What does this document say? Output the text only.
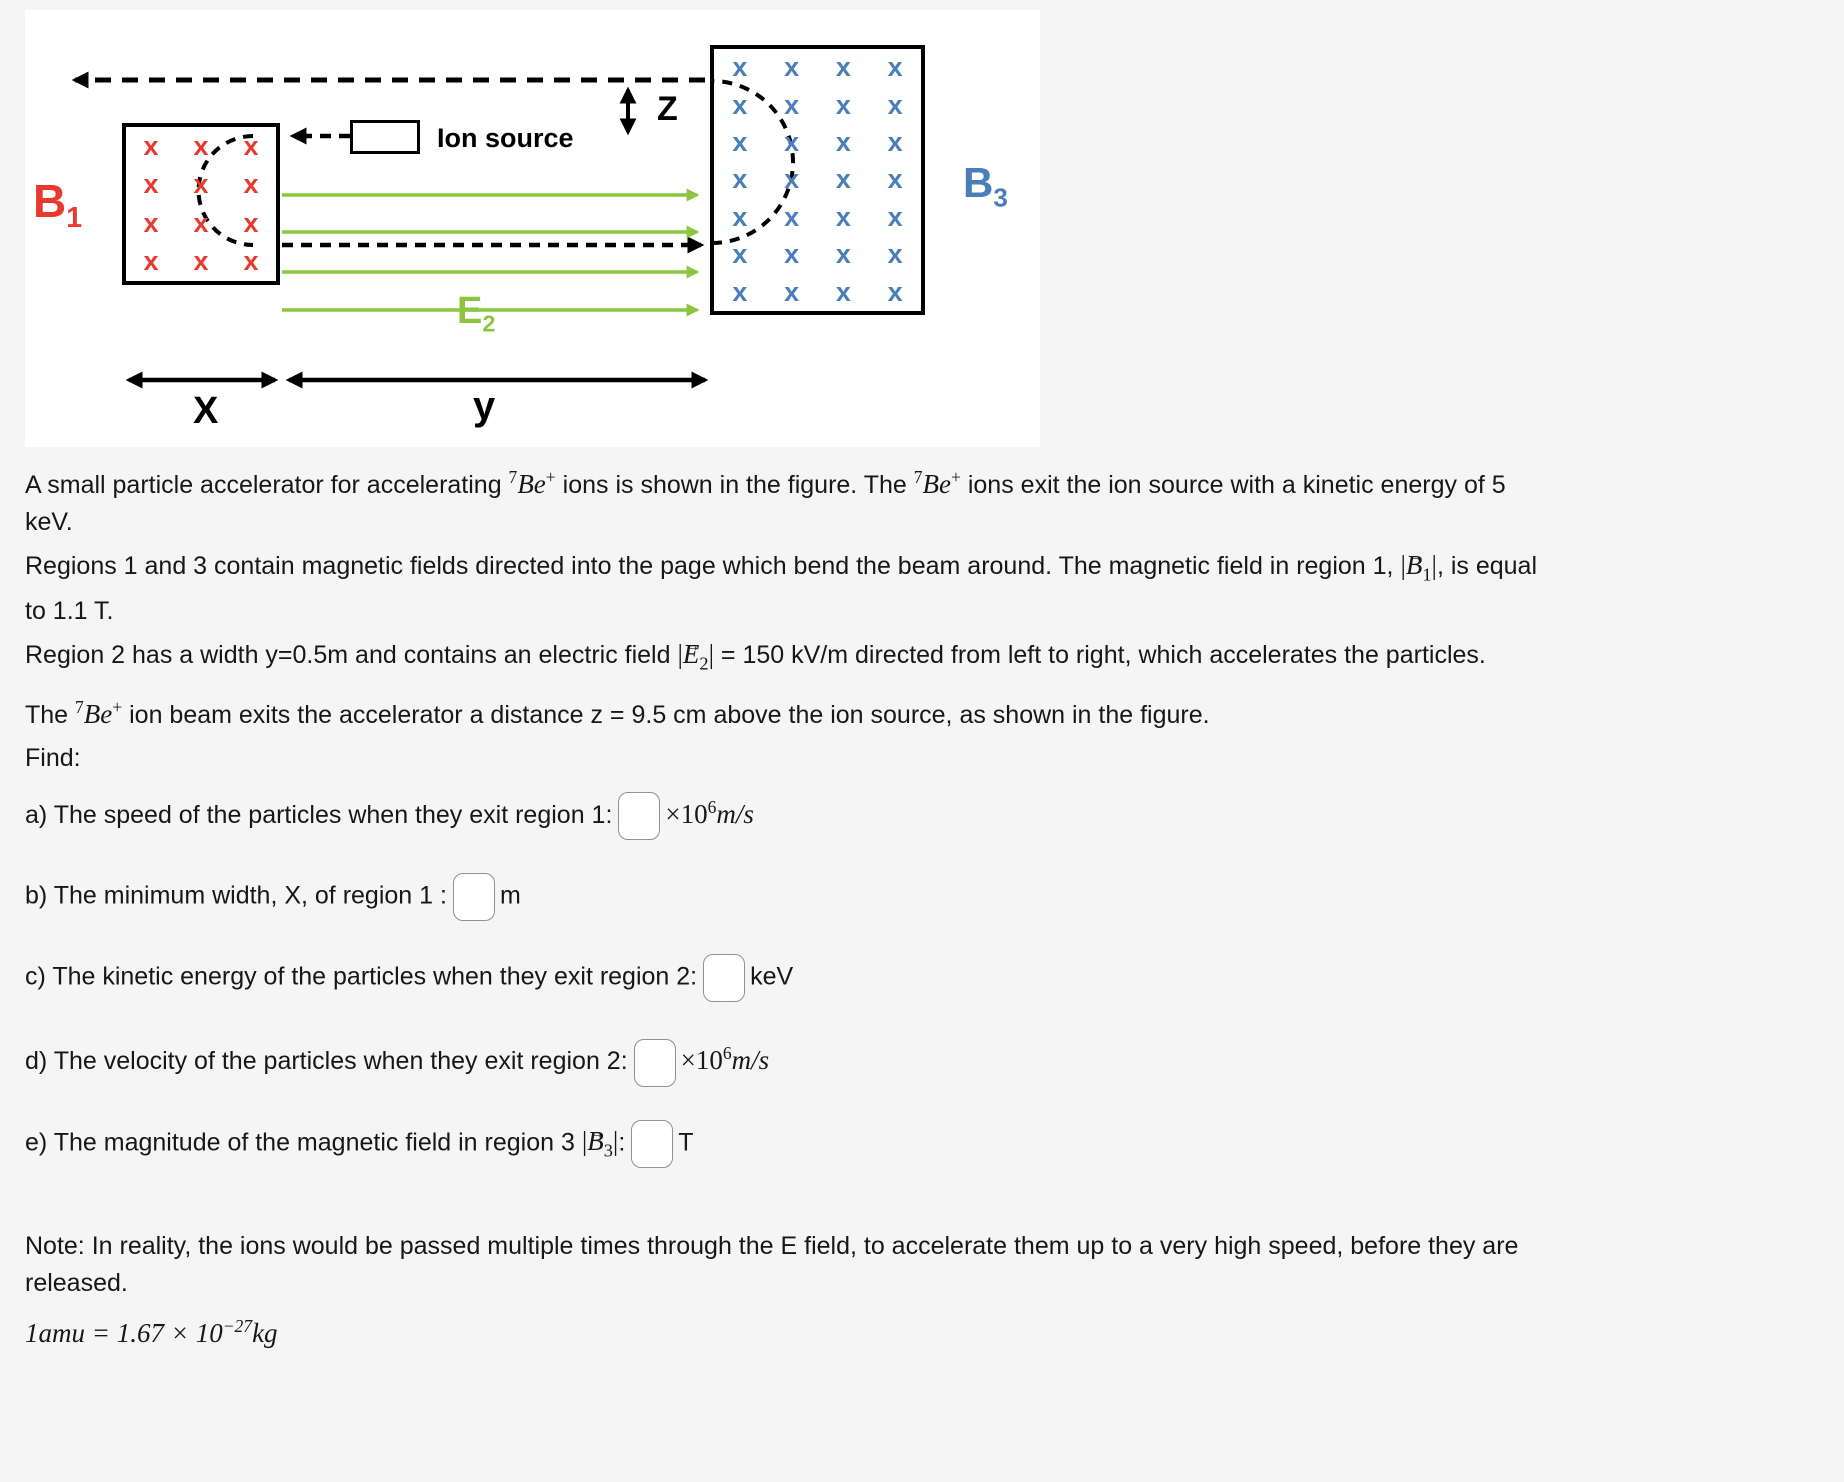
x	x	x
x	x	x
x	x	x
x	x	x
x	x	x	x
x	x	x	x
x	x	x	x
x	x	x	x
x	x	x	x
x	x	x	x
x	x	x	x
$B_1$
$B_3$
$E_2$
Z
X	y
Ion source

A small particle accelerator for accelerating $^7$Be+ ions is shown in the figure. The $^7$Be+ ions exit the ion source with a kinetic energy of 5 keV.

Regions 1 and 3 contain magnetic fields directed into the page which bend the beam around. The magnetic field in region 1, $|B \to_1|$, is equal to 1.1 T.

Region 2 has a width y=0.5m and contains an electric field $|E \to_2| = 150$ kV/m directed from left to right, which accelerates the particles.

The $^7$Be+ ion beam exits the accelerator a distance z = 9.5 cm above the ion source, as shown in the figure.

Find:

a) The speed of the particles when they exit region 1: $\times 10^6m/s$
b) The minimum width, X, of region 1 : m
c) The kinetic energy of the particles when they exit region 2: keV
d) The velocity of the particles when they exit region 2: $\times 10^6m/s$
e) The magnitude of the magnetic field in region 3 $|B \to_3|$: T

Note: In reality, the ions would be passed multiple times through the E field, to accelerate them up to a very high speed, before they are released.

$1amu = 1.67 \times 10^{-27}kg$
